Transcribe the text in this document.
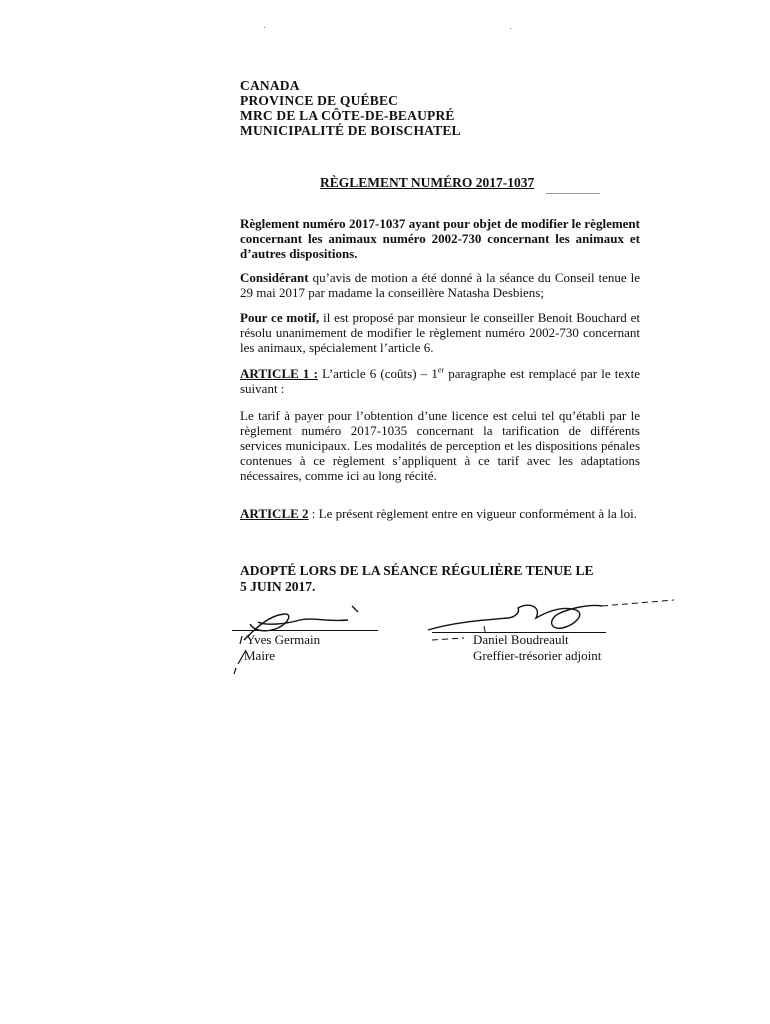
CANADA
PROVINCE DE QUÉBEC
MRC DE LA CÔTE-DE-BEAUPRÉ
MUNICIPALITÉ DE BOISCHATEL
RÈGLEMENT NUMÉRO 2017-1037
Règlement numéro 2017-1037 ayant pour objet de modifier le règlement concernant les animaux numéro 2002-730 concernant les animaux et d’autres dispositions.
Considérant qu’avis de motion a été donné à la séance du Conseil tenue le 29 mai 2017 par madame la conseillère Natasha Desbiens;
Pour ce motif, il est proposé par monsieur le conseiller Benoit Bouchard et résolu unanimement de modifier le règlement numéro 2002-730 concernant les animaux, spécialement l’article 6.
ARTICLE 1 : L’article 6 (coûts) – 1er paragraphe est remplacé par le texte suivant :
Le tarif à payer pour l’obtention d’une licence est celui tel qu’établi par le règlement numéro 2017-1035 concernant la tarification de différents services municipaux. Les modalités de perception et les dispositions pénales contenues à ce règlement s’appliquent à ce tarif avec les adaptations nécessaires, comme ici au long récité.
ARTICLE 2 : Le présent règlement entre en vigueur conformément à la loi.
ADOPTÉ LORS DE LA SÉANCE RÉGULIÈRE TENUE LE
5 JUIN 2017.
Yves Germain
Maire
Daniel Boudreault
Greffier-trésorier adjoint
